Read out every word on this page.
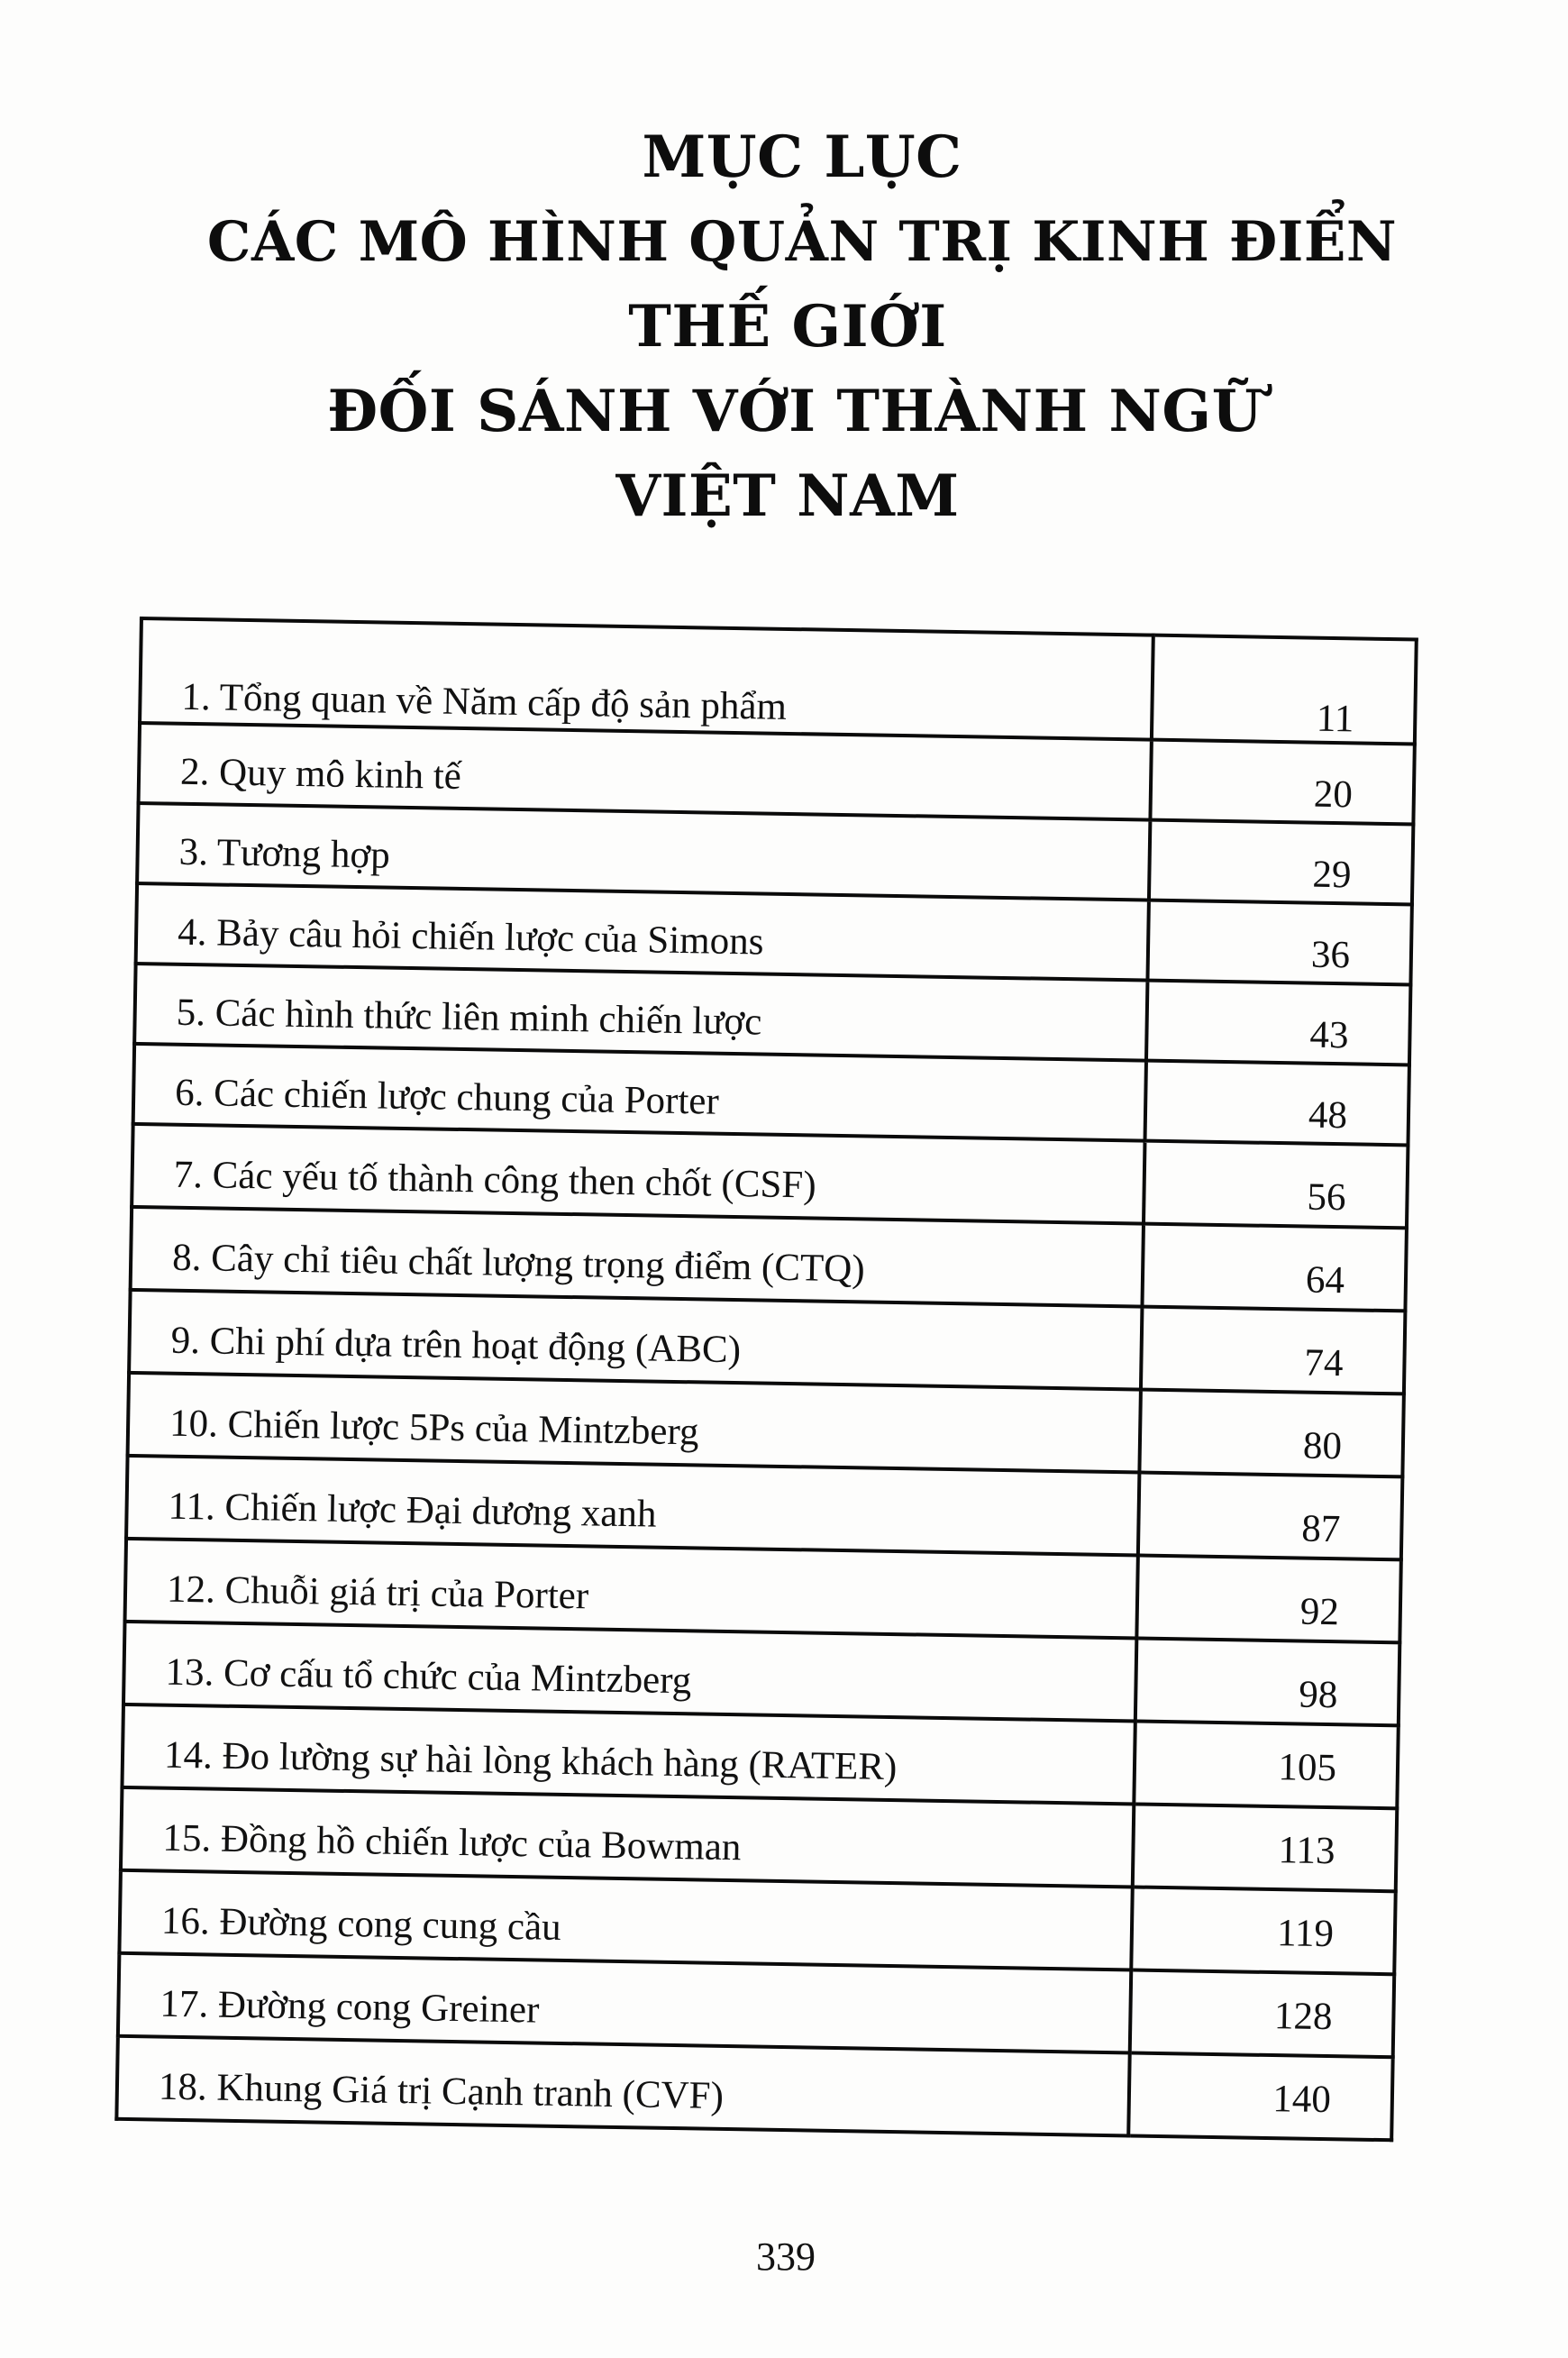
MỤC LỤC
CÁC MÔ HÌNH QUẢN TRỊ KINH ĐIỂN
THẾ GIỚI
ĐỐI SÁNH VỚI THÀNH NGỮ
VIỆT NAM
1. Tổng quan về Năm cấp độ sản phẩm	11

2. Quy mô kinh tế	20

3. Tương hợp	29

4. Bảy câu hỏi chiến lược của Simons	36

5. Các hình thức liên minh chiến lược	43

6. Các chiến lược chung của Porter	48

7. Các yếu tố thành công then chốt (CSF)	56

8. Cây chỉ tiêu chất lượng trọng điểm (CTQ)	64

9. Chi phí dựa trên hoạt động (ABC)	74

10. Chiến lược 5Ps của Mintzberg	80

11. Chiến lược Đại dương xanh	87

12. Chuỗi giá trị của Porter	92

13. Cơ cấu tổ chức của Mintzberg	98

14. Đo lường sự hài lòng khách hàng (RATER)	105

15. Đồng hồ chiến lược của Bowman	113

16. Đường cong cung cầu	119

17. Đường cong Greiner	128

18. Khung Giá trị Cạnh tranh (CVF)	140
339
